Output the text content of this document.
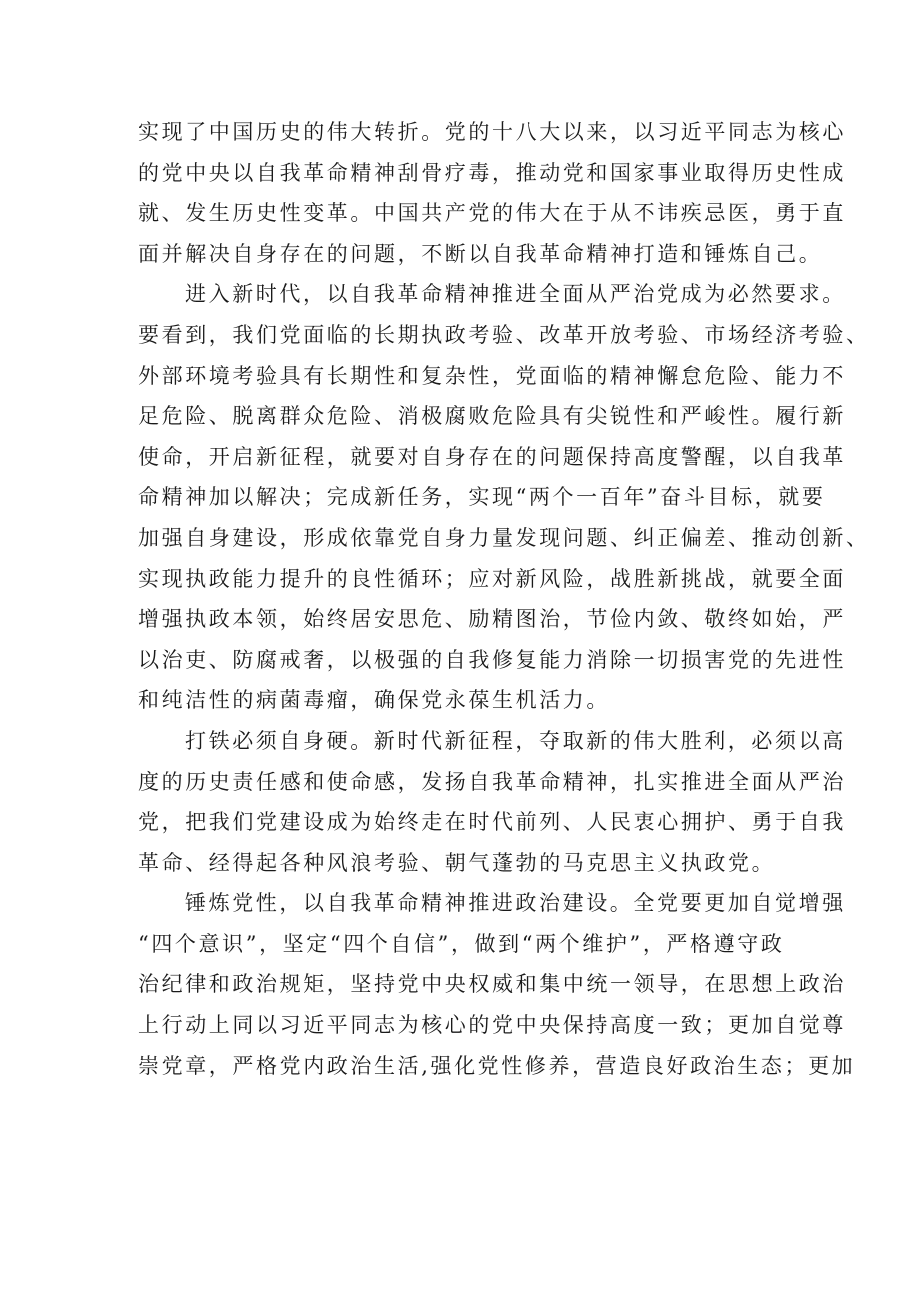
实现了中国历史的伟大转折。党的十八大以来，以习近平同志为核心
的党中央以自我革命精神刮骨疗毒，推动党和国家事业取得历史性成
就、发生历史性变革。中国共产党的伟大在于从不讳疾忌医，勇于直
面并解决自身存在的问题，不断以自我革命精神打造和锤炼自己。
进入新时代，以自我革命精神推进全面从严治党成为必然要求。
要看到，我们党面临的长期执政考验、改革开放考验、市场经济考验、
外部环境考验具有长期性和复杂性，党面临的精神懈怠危险、能力不
足危险、脱离群众危险、消极腐败危险具有尖锐性和严峻性。履行新
使命，开启新征程，就要对自身存在的问题保持高度警醒，以自我革
命精神加以解决；完成新任务，实现“两个一百年”奋斗目标，就要
加强自身建设，形成依靠党自身力量发现问题、纠正偏差、推动创新、
实现执政能力提升的良性循环；应对新风险，战胜新挑战，就要全面
增强执政本领，始终居安思危、励精图治，节俭内敛、敬终如始，严
以治吏、防腐戒奢，以极强的自我修复能力消除一切损害党的先进性
和纯洁性的病菌毒瘤，确保党永葆生机活力。
打铁必须自身硬。新时代新征程，夺取新的伟大胜利，必须以高
度的历史责任感和使命感，发扬自我革命精神，扎实推进全面从严治
党，把我们党建设成为始终走在时代前列、人民衷心拥护、勇于自我
革命、经得起各种风浪考验、朝气蓬勃的马克思主义执政党。
锤炼党性，以自我革命精神推进政治建设。全党要更加自觉增强
“四个意识”，坚定“四个自信”，做到“两个维护”，严格遵守政
治纪律和政治规矩，坚持党中央权威和集中统一领导，在思想上政治
上行动上同以习近平同志为核心的党中央保持高度一致；更加自觉尊
崇党章，严格党内政治生活,强化党性修养，营造良好政治生态；更加
